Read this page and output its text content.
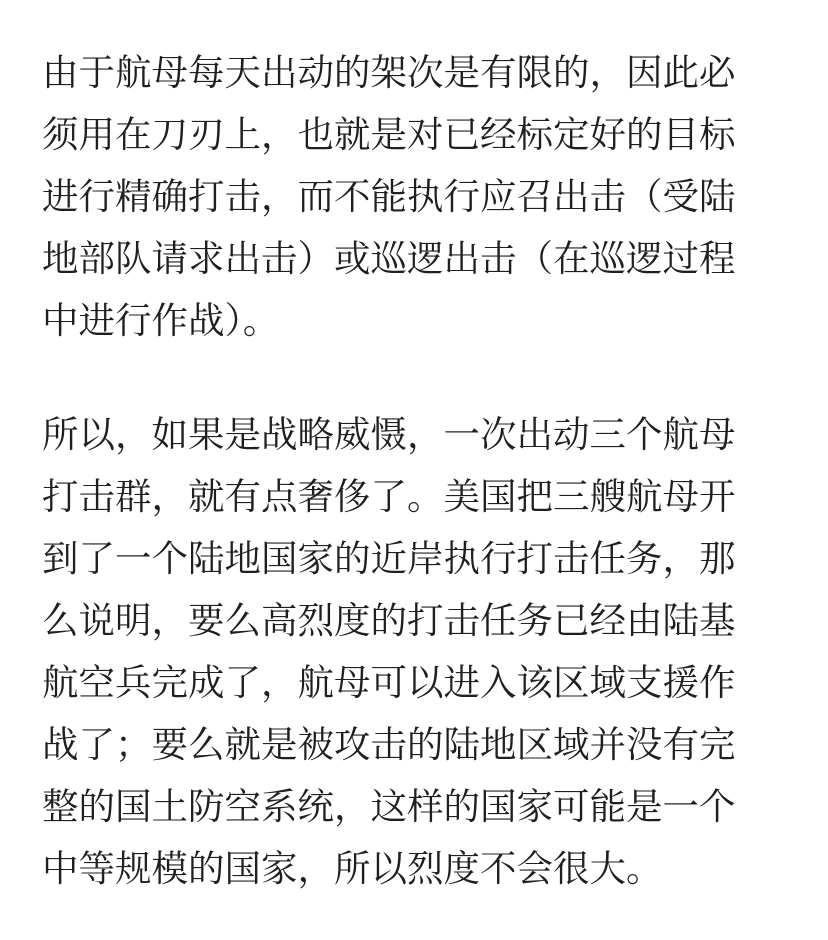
由于航母每天出动的架次是有限的，因此必
须用在刀刃上，也就是对已经标定好的目标
进行精确打击，而不能执行应召出击（受陆
地部队请求出击）或巡逻出击（在巡逻过程
中进行作战）。

所以，如果是战略威慑，一次出动三个航母
打击群，就有点奢侈了。美国把三艘航母开
到了一个陆地国家的近岸执行打击任务，那
么说明，要么高烈度的打击任务已经由陆基
航空兵完成了，航母可以进入该区域支援作
战了；要么就是被攻击的陆地区域并没有完
整的国土防空系统，这样的国家可能是一个
中等规模的国家，所以烈度不会很大。
